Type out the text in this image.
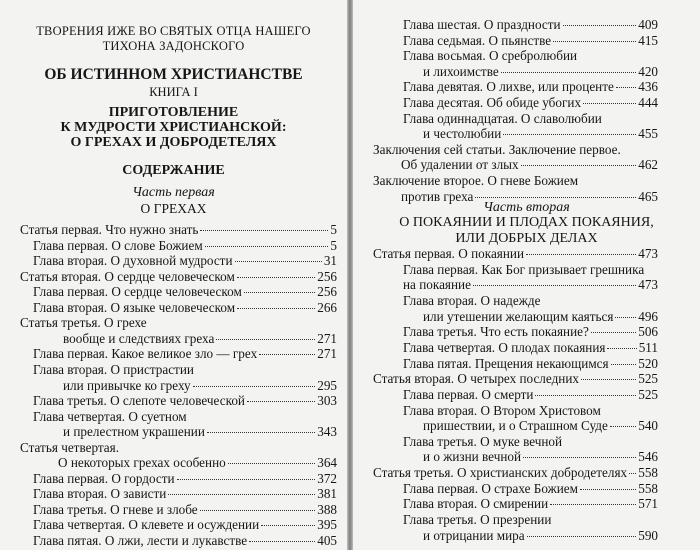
ТВОРЕНИЯ ИЖЕ ВО СВЯТЫХ ОТЦА НАШЕГО
ТИХОНА ЗАДОНСКОГО
ОБ ИСТИННОМ ХРИСТИАНСТВЕ
КНИГА I
ПРИГОТОВЛЕНИЕ
К МУДРОСТИ ХРИСТИАНСКОЙ:
О ГРЕХАХ И ДОБРОДЕТЕЛЯХ
СОДЕРЖАНИЕ
Часть первая
О ГРЕХАХ
Статья первая. Что нужно знать	5
Глава первая. О слове Божием	5
Глава вторая. О духовной мудрости	31
Статья вторая. О сердце человеческом	256
Глава первая. О сердце человеческом	256
Глава вторая. О языке человеческом	266
Статья третья. О грехе
вообще и следствиях греха	271
Глава первая. Какое великое зло — грех	271
Глава вторая. О пристрастии
или привычке ко греху	295
Глава третья. О слепоте человеческой	303
Глава четвертая. О суетном
и прелестном украшении	343
Статья четвертая.
О некоторых грехах особенно	364
Глава первая. О гордости	372
Глава вторая. О зависти	381
Глава третья. О гневе и злобе	388
Глава четвертая. О клевете и осуждении	395
Глава пятая. О лжи, лести и лукавстве	405
Глава шестая. О праздности	409
Глава седьмая. О пьянстве	415
Глава восьмая. О сребролюбии
и лихоимстве	420
Глава девятая. О лихве, или проценте 436
Глава десятая. Об обиде убогих	444
Глава одиннадцатая. О славолюбии
и честолюбии	455
Заключения сей статьи. Заключение первое.
Об удалении от злых	462
Заключение второе. О гневе Божием
против греха	465
Часть вторая
О ПОКАЯНИИ И ПЛОДАХ ПОКАЯНИЯ,
ИЛИ ДОБРЫХ ДЕЛАХ
Статья первая. О покаянии	473
Глава первая. Как Бог призывает грешника
на покаяние	473
Глава вторая. О надежде
или утешении желающим каяться 496
Глава третья. Что есть покаяние?	506
Глава четвертая. О плодах покаяния	511
Глава пятая. Прещения некающимся 520
Статья вторая. О четырех последних	525
Глава первая. О смерти	525
Глава вторая. О Втором Христовом
пришествии, и о Страшном Суде 540
Глава третья. О муке вечной
и о жизни вечной	546
Статья третья. О христианских добродетелях 558
Глава первая. О страхе Божием	558
Глава вторая. О смирении	571
Глава третья. О презрении
и отрицании мира	590
